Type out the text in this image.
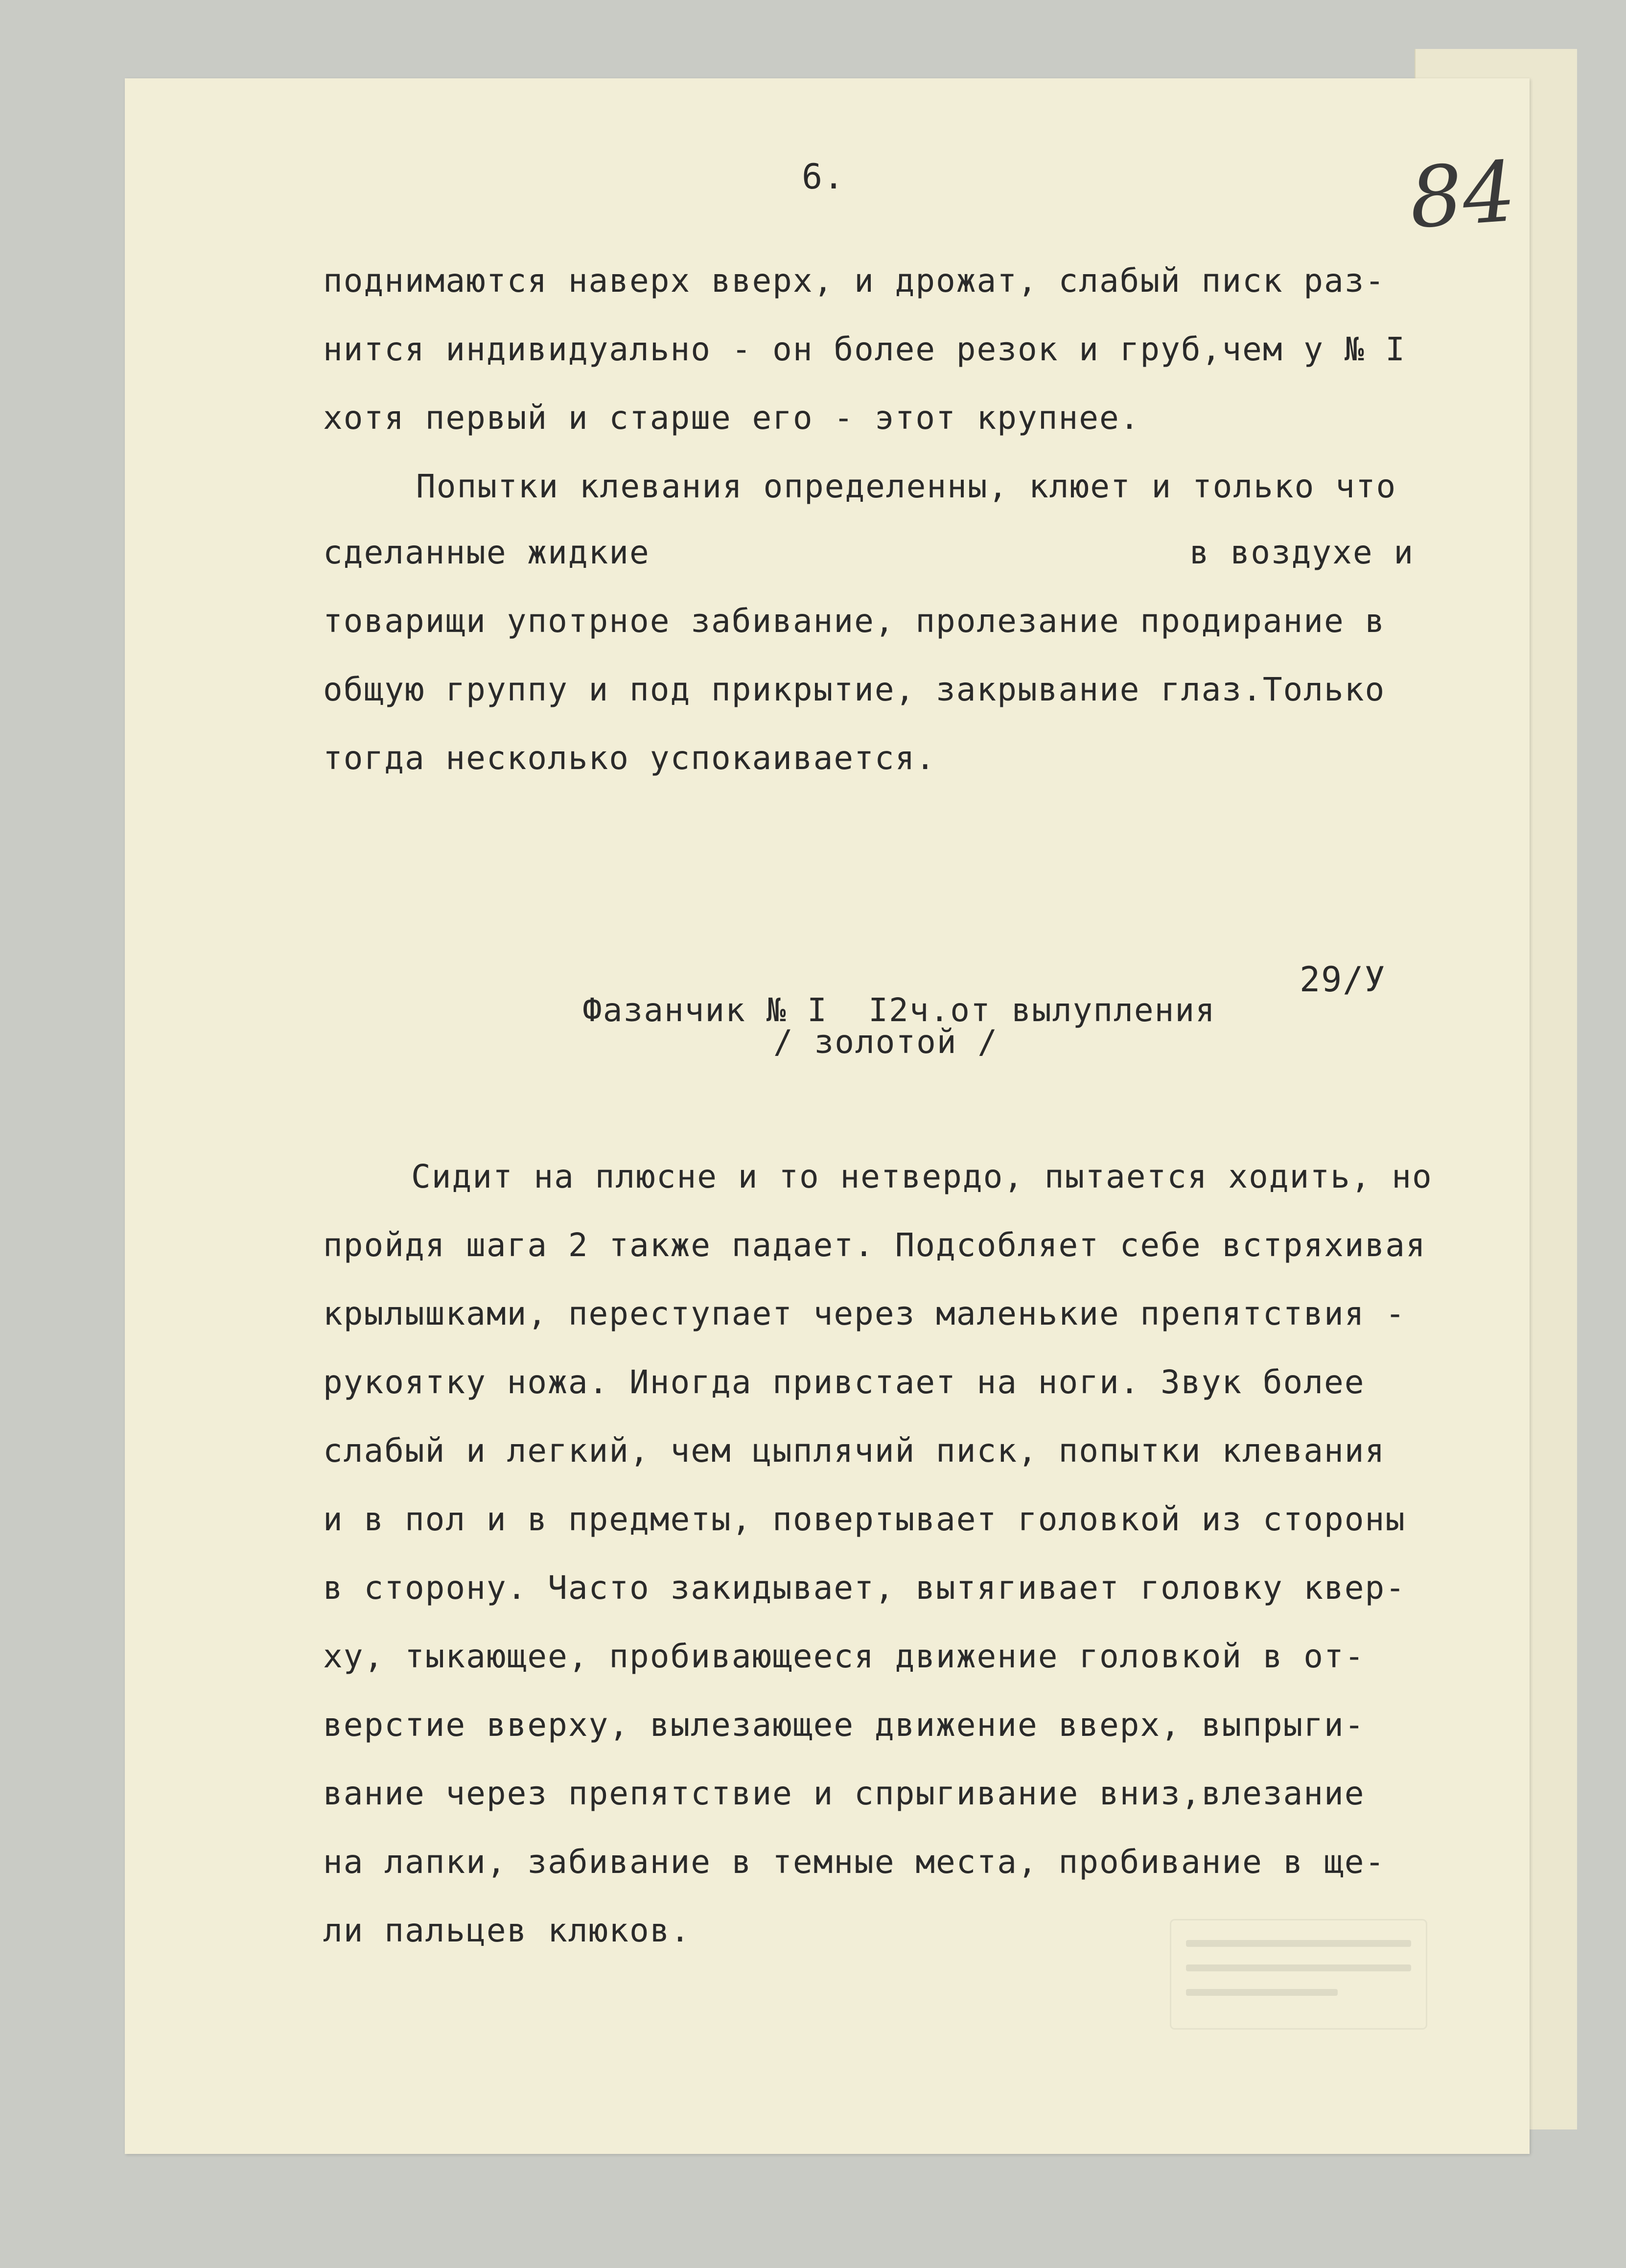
6.	84
поднимаются наверх вверх, и дрожат, слабый писк раз-
нится индивидуально - он более резок и груб,чем у № I
хотя первый и старше его - этот крупнее.
Попытки клевания определенны, клюет и только что
сделанные жидкие	в воздухе и
товарищи употрное забивание, пролезание продирание в
общую группу и под прикрытие, закрывание глаз.Только
тогда несколько успокаивается.
29/У
Фазанчик № I  I2ч.от вылупления
/ золотой /
Сидит на плюсне и то нетвердо, пытается ходить, но
пройдя шага 2 также падает. Подсобляет себе встряхивая
крылышками, переступает через маленькие препятствия -
рукоятку ножа. Иногда привстает на ноги. Звук более
слабый и легкий, чем цыплячий писк, попытки клевания
и в пол и в предметы, повертывает головкой из стороны
в сторону. Часто закидывает, вытягивает головку квер-
ху, тыкающее, пробивающееся движение головкой в от-
верстие вверху, вылезающее движение вверх, выпрыги-
вание через препятствие и спрыгивание вниз,влезание
на лапки, забивание в темные места, пробивание в ще-
ли пальцев клюков.
